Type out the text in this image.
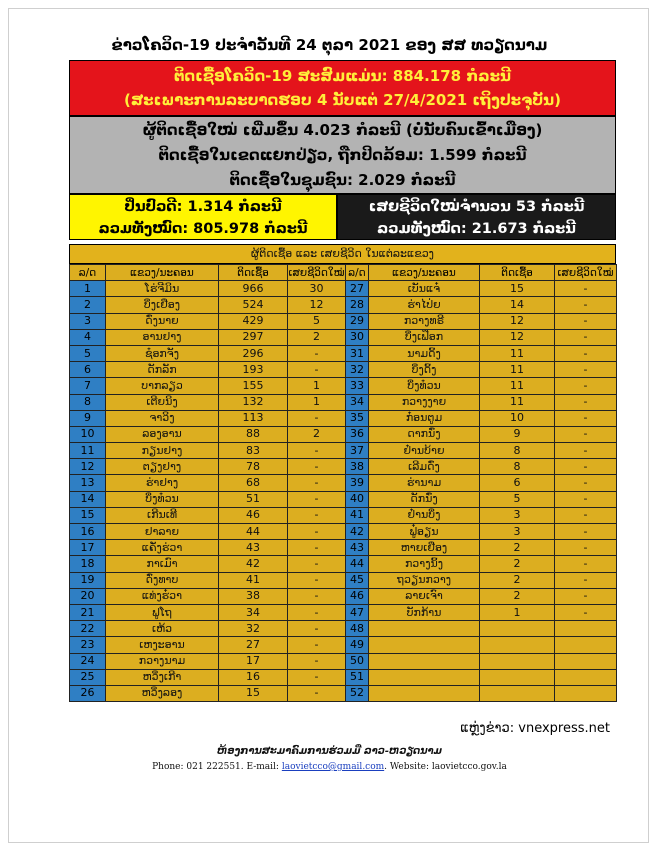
ຂ່າວໂຄວິດ-19 ປະຈຳວັນທີ 24 ຕຸລາ 2021 ຂອງ ສສ ທວຽດນາມ
ຕິດເຊື້ອໂຄວິດ-19 ສະສົມແມ່ນ: 884.178 ກໍລະນີ
(ສະເພາະການລະບາດຮອບ 4 ນັບແຕ່ 27/4/2021 ເຖິງປະຈຸບັນ)
ຜູ້ຕິດເຊື້ອໃໝ່ ເພີ່ມຂຶ້ນ 4.023 ກໍລະນີ (ບໍ່ນັບຄົນເຂົ້າເມືອງ)
ຕິດເຊື້ອໃນເຂດແຍກປ່ຽວ, ຖືກປິດລ້ອມ: 1.599 ກໍລະນີ
ຕິດເຊື້ອໃນຊຸມຊົນ: 2.029 ກໍລະນີ
ປິ່ນປົວດີ: 1.314 ກໍລະນີ
ລວມທັງໝົດ: 805.978 ກໍລະນີ
ເສຍຊີວິດໃໝ່ຈຳນວນ 53 ກໍລະນີ
ລວມທັງໝົດ: 21.673 ກໍລະນີ
ຜູ້ຕິດເຊື້ອ ແລະ ເສຍຊີວິດ ໃນແຕ່ລະແຂວງ
ລ/ດ	ແຂວງ/ນະຄອນ	ຕິດເຊື້ອ	ເສຍຊີວິດໃໝ່	ລ/ດ	ແຂວງ/ນະຄອນ	ຕິດເຊື້ອ	ເສຍຊີວິດໃໝ່
1	ໂຮ່ຈີມິນ	966	30	27	ເບັນແຈ໋	15	-
2	ບິ່ງເຢືອງ	524	12	28	ຮ່າໄປ່ຍ	14	-
3	ດົ່ງນາຍ	429	5	29	ກວາງທຣີ	12	-
4	ອານຢາງ	297	2	30	ບິ່ງເຟືອກ	12	-
5	ຊ໋ອກຈັງ	296	-	31	ນາມດິ້ງ	11	-
6	ດັກລັກ	193	-	32	ບິ່ງດິ້ງ	11	-
7	ບາກລຽວ	155	1	33	ບິ່ງທ໋ວນ	11	-
8	ເຕີຍນິງ	132	1	34	ກວາງງາຍ	11	-
9	ຈາວິງ	113	-	35	ກ໋ອນຕູມ	10	-
10	ລອງອານ	88	2	36	ດາກນົ່ງ	9	-
11	ກຽນຢາງ	83	-	37	ຢ໋ານບ້າຍ	8	-
12	ຕຽງຢາງ	78	-	38	ເລີມດົ່ງ	8	-
13	ຮ່າຢາງ	68	-	39	ຮ່ານາມ	6	-
14	ບິ່ງທ໋ວນ	51	-	40	ດັກນົ່ງ	5	-
15	ເກີນເທີ	46	-	41	ຢ໋ານບິ່ງ	3	-
16	ຢາລາຍ	44	-	42	ຟູ໋ອຽນ	3	-
17	ແຄັ່ງຮ່ວາ	43	-	43	ຫາຍເຢືອງ	2	-
18	ກາເມົາ	42	-	44	ກວາງນິ້ງ	2	-
19	ດົ່ງທາບ	41	-	45	ຖວຽນກວາງ	2	-
20	ແທ່ງຮ໋ວາ	38	-	46	ລາຍເຈົາ	2	-
21	ຟູໂຖ	34	-	47	ບັກກ້ານ	1	-
22	ເຫ້ວ	32	-	48			
23	ເຫງະອານ	27	-	49			
24	ກວາງນາມ	17	-	50			
25	ຫວິ່ງເກີາ	16	-	51			
26	ຫວິ່ງລອງ	15	-	52			
ແຫຼ່ງຂ່າວ: vnexpress.net
ຫ້ອງການສະມາຄົມການຮ່ວມມື ລາວ-ຫວຽດນາມ
Phone: 021 222551. E-mail: laovietcco@gmail.com. Website: laovietcco.gov.la
